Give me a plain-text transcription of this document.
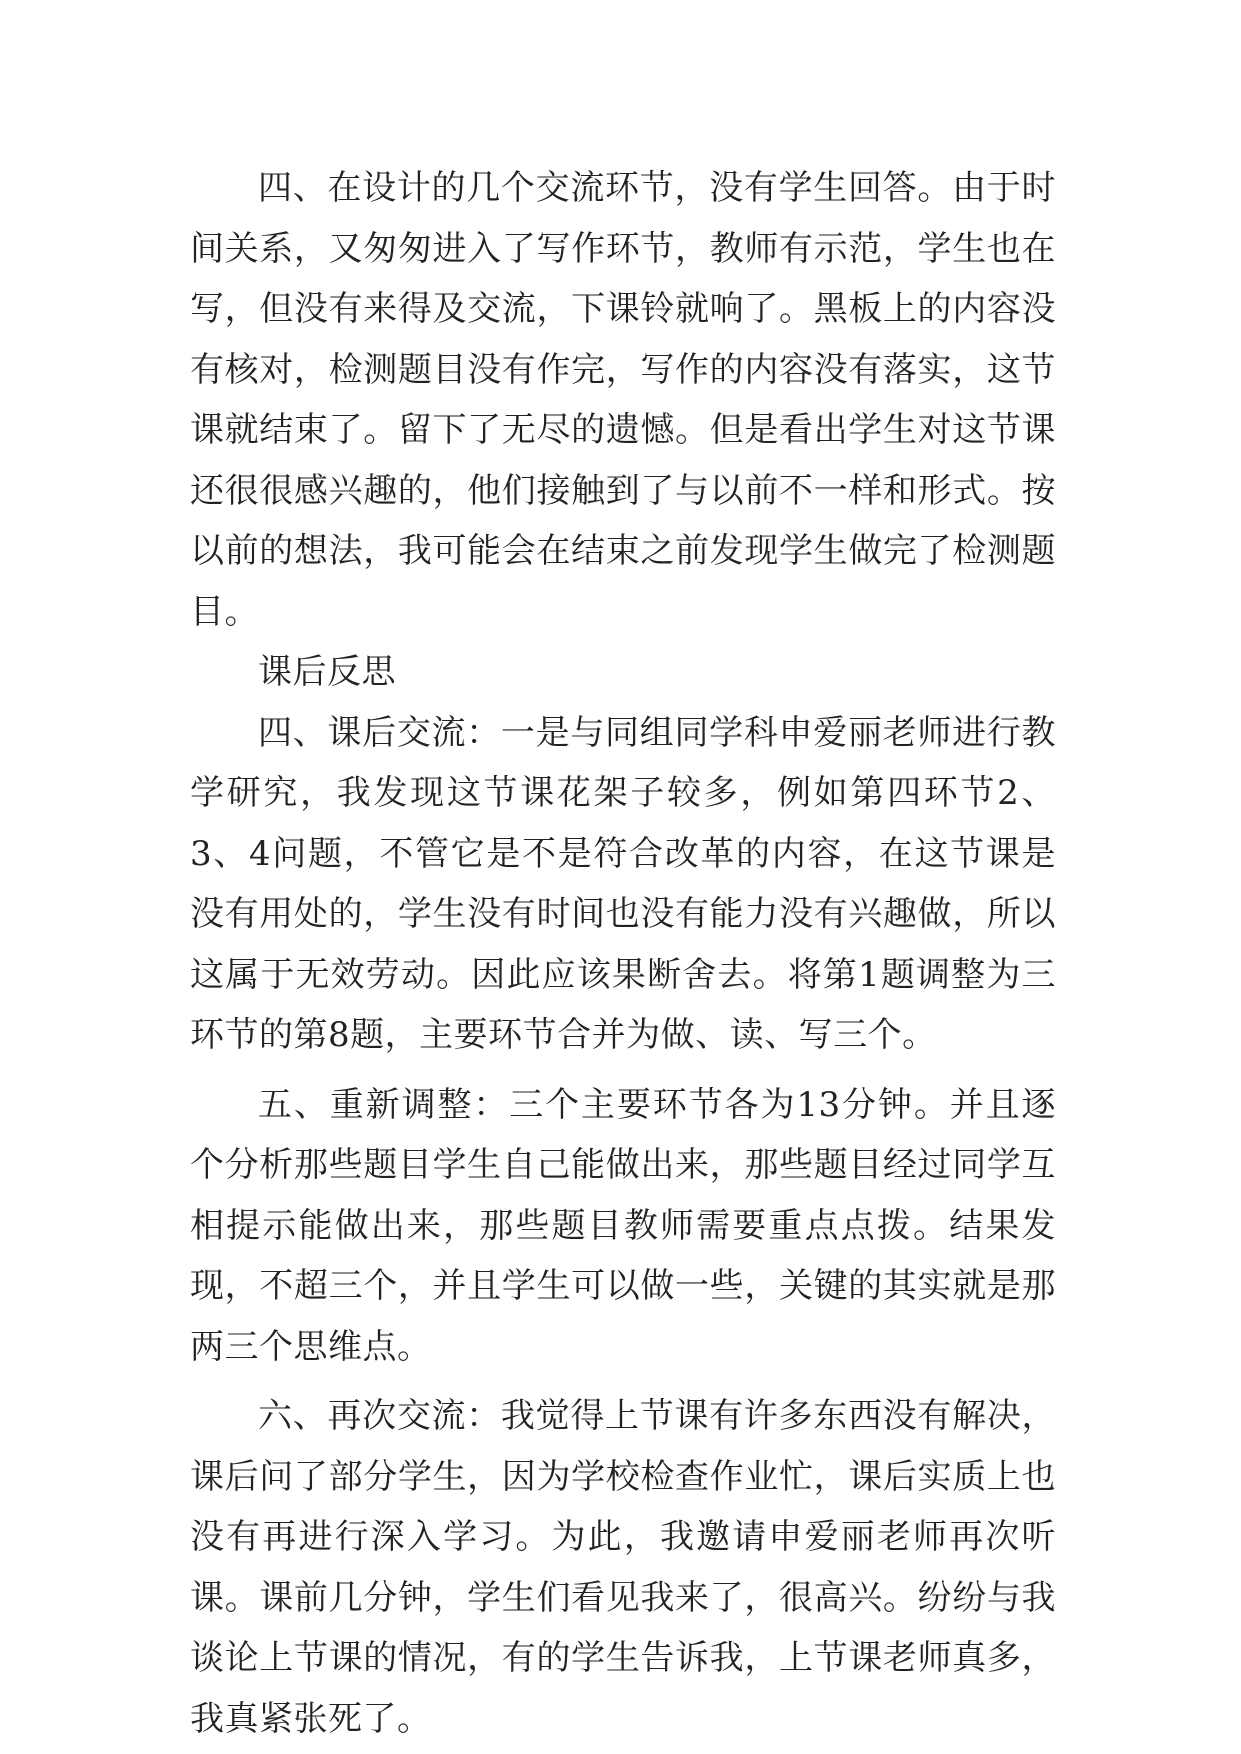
四、在设计的几个交流环节，没有学生回答。由于时间关系，又匆匆进入了写作环节，教师有示范，学生也在写，但没有来得及交流，下课铃就响了。黑板上的内容没有核对，检测题目没有作完，写作的内容没有落实，这节课就结束了。留下了无尽的遗憾。但是看出学生对这节课还很很感兴趣的，他们接触到了与以前不一样和形式。按以前的想法，我可能会在结束之前发现学生做完了检测题目。

课后反思

四、课后交流：一是与同组同学科申爱丽老师进行教学研究，我发现这节课花架子较多，例如第四环节2、3、4问题，不管它是不是符合改革的内容，在这节课是没有用处的，学生没有时间也没有能力没有兴趣做，所以这属于无效劳动。因此应该果断舍去。将第1题调整为三环节的第8题，主要环节合并为做、读、写三个。

五、重新调整：三个主要环节各为13分钟。并且逐个分析那些题目学生自己能做出来，那些题目经过同学互相提示能做出来，那些题目教师需要重点点拨。结果发现，不超三个，并且学生可以做一些，关键的其实就是那两三个思维点。

六、再次交流：我觉得上节课有许多东西没有解决，课后问了部分学生，因为学校检查作业忙，课后实质上也没有再进行深入学习。为此，我邀请申爱丽老师再次听课。课前几分钟，学生们看见我来了，很高兴。纷纷与我谈论上节课的情况，有的学生告诉我，上节课老师真多，我真紧张死了。
